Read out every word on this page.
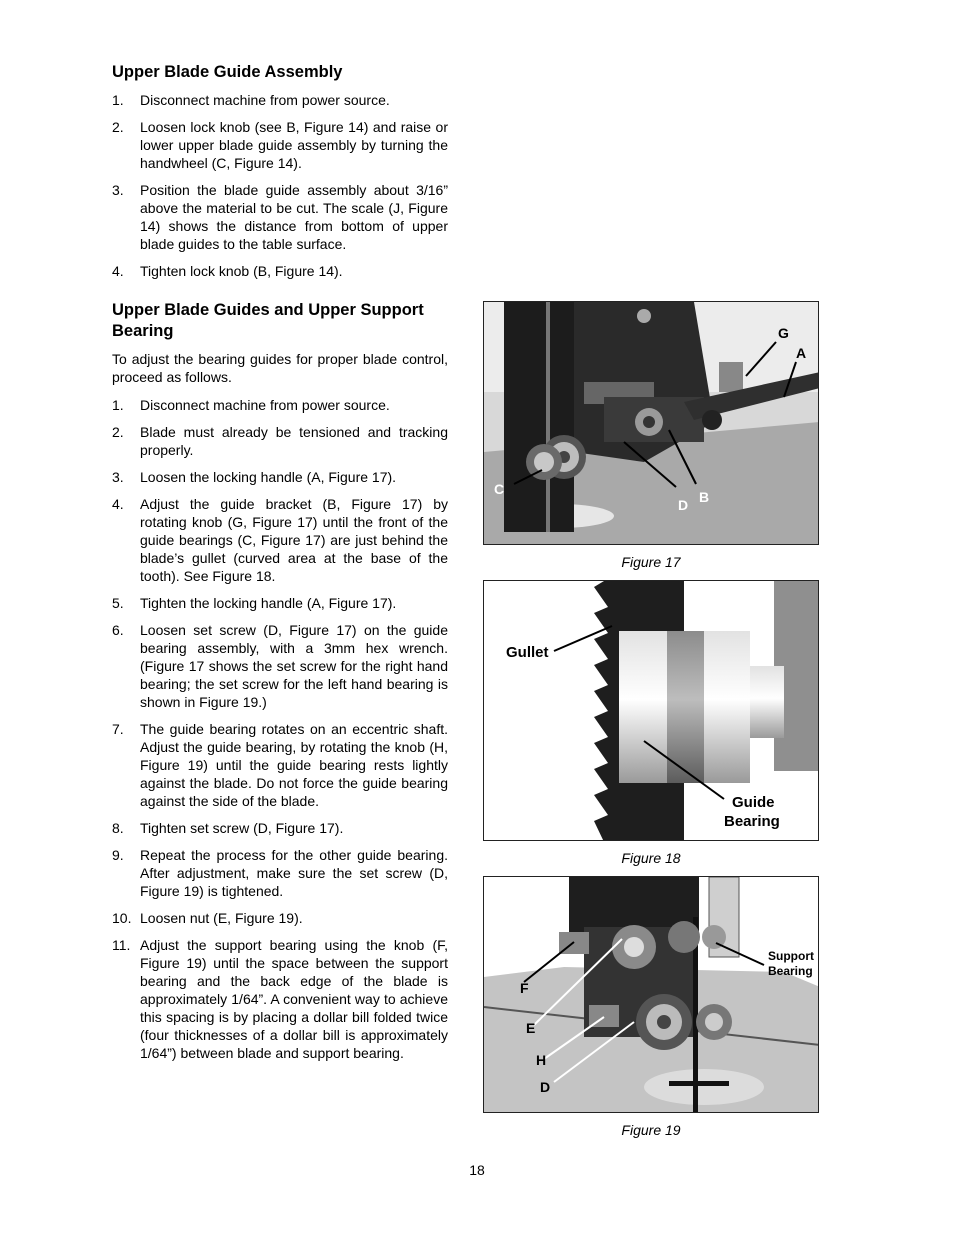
Upper Blade Guide Assembly
1. Disconnect machine from power source.
2. Loosen lock knob (see B, Figure 14) and raise or lower upper blade guide assembly by turning the handwheel (C, Figure 14).
3. Position the blade guide assembly about 3/16” above the material to be cut. The scale (J, Figure 14) shows the distance from bottom of upper blade guides to the table surface.
4. Tighten lock knob (B, Figure 14).
Upper Blade Guides and Upper Support Bearing

To adjust the bearing guides for proper blade control, proceed as follows.

1. Disconnect machine from power source.
2. Blade must already be tensioned and tracking properly.
3. Loosen the locking handle (A, Figure 17).
4. Adjust the guide bracket (B, Figure 17) by rotating knob (G, Figure 17) until the front of the guide bearings (C, Figure 17) are just behind the blade’s gullet (curved area at the base of the tooth). See Figure 18.
5. Tighten the locking handle (A, Figure 17).
6. Loosen set screw (D, Figure 17) on the guide bearing assembly, with a 3mm hex wrench. (Figure 17 shows the set screw for the right hand bearing; the set screw for the left hand bearing is shown in Figure 19.)
7. The guide bearing rotates on an eccentric shaft. Adjust the guide bearing, by rotating the knob (H, Figure 19) until the guide bearing rests lightly against the blade. Do not force the guide bearing against the side of the blade.
8. Tighten set screw (D, Figure 17).
9. Repeat the process for the other guide bearing. After adjustment, make sure the set screw (D, Figure 19) is tightened.
10. Loosen nut (E, Figure 19).
11. Adjust the support bearing using the knob (F, Figure 19) until the space between the support bearing and the back edge of the blade is approximately 1/64”. A convenient way to achieve this spacing is by placing a dollar bill folded twice (four thicknesses of a dollar bill is approximately 1/64”) between blade and support bearing.
G
A
C
D B
Figure 17
Gullet
Guide
Bearing
Figure 18
Support
Bearing
F
E
H
D
Figure 19
18
